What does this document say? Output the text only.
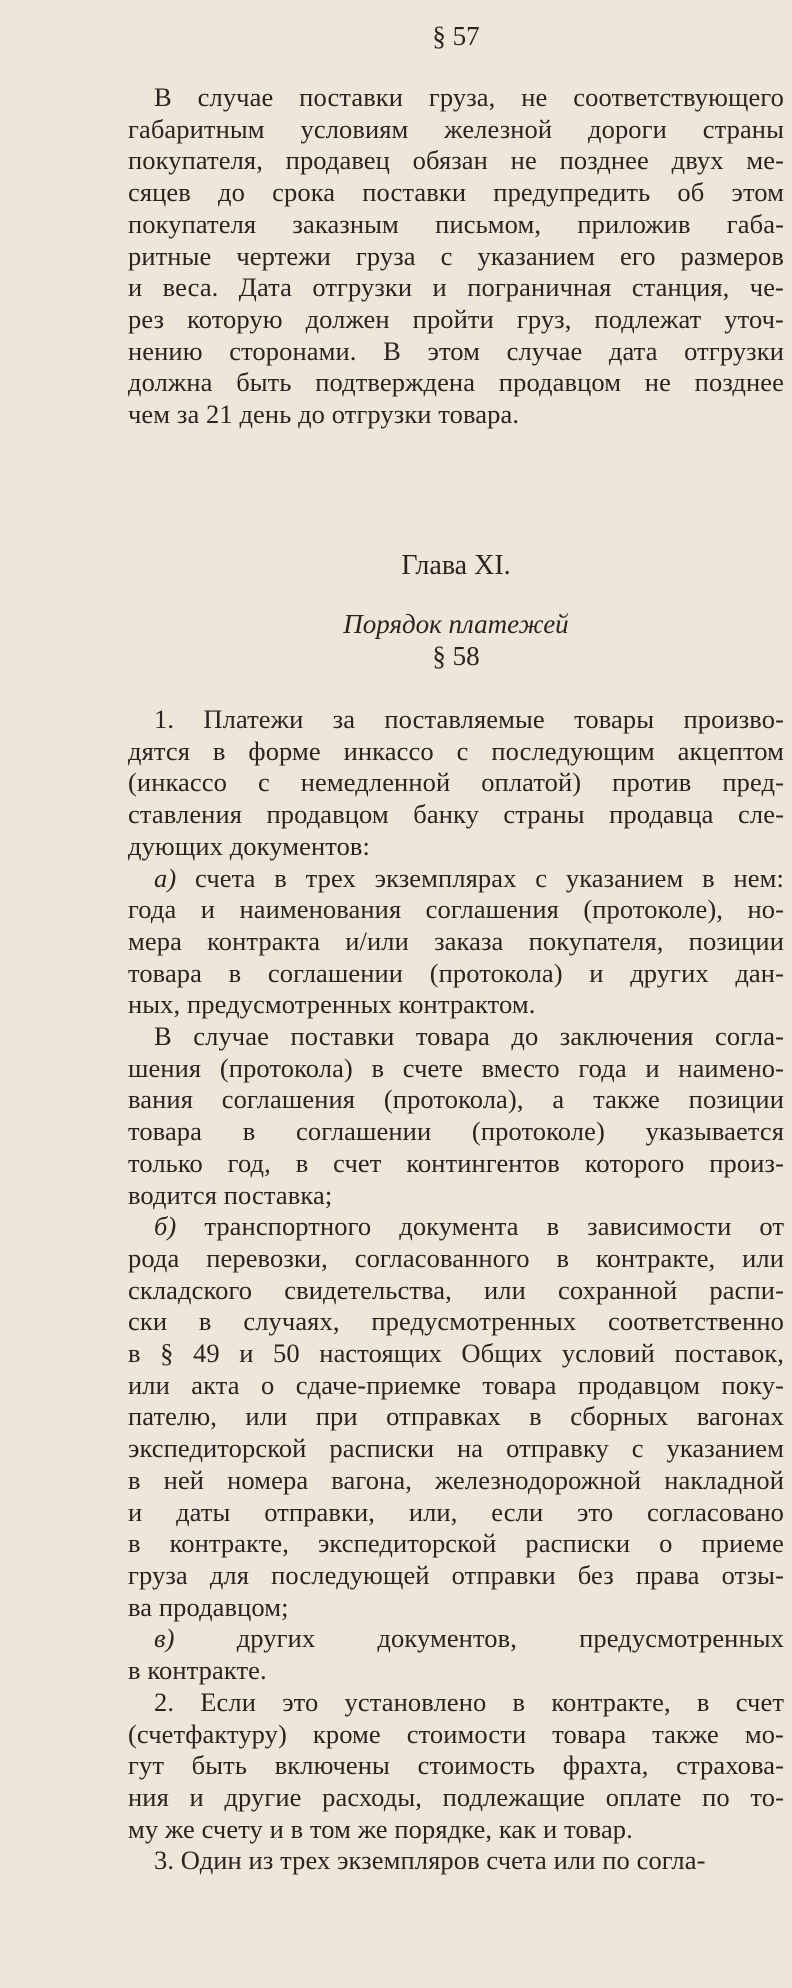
§ 57

В случае поставки груза, не соответствующего
габаритным условиям железной дороги страны
покупателя, продавец обязан не позднее двух ме-
сяцев до срока поставки предупредить об этом
покупателя заказным письмом, приложив габа-
ритные чертежи груза с указанием его размеров
и веса. Дата отгрузки и пограничная станция, че-
рез которую должен пройти груз, подлежат уточ-
нению сторонами. В этом случае дата отгрузки
должна быть подтверждена продавцом не позднее
чем за 21 день до отгрузки товара.

Глава XI.

Порядок платежей

§ 58

1. Платежи за поставляемые товары произво-
дятся в форме инкассо с последующим акцептом
(инкассо с немедленной оплатой) против пред-
ставления продавцом банку страны продавца сле-
дующих документов:
а) счета в трех экземплярах с указанием в нем:
года и наименования соглашения (протоколе), но-
мера контракта и/или заказа покупателя, позиции
товара в соглашении (протокола) и других дан-
ных, предусмотренных контрактом.
В случае поставки товара до заключения согла-
шения (протокола) в счете вместо года и наимено-
вания соглашения (протокола), а также позиции
товара в соглашении (протоколе) указывается
только год, в счет контингентов которого произ-
водится поставка;
б) транспортного документа в зависимости от
рода перевозки, согласованного в контракте, или
складского свидетельства, или сохранной распи-
ски в случаях, предусмотренных соответственно
в § 49 и 50 настоящих Общих условий поставок,
или акта о сдаче-приемке товара продавцом поку-
пателю, или при отправках в сборных вагонах
экспедиторской расписки на отправку с указанием
в ней номера вагона, железнодорожной накладной
и даты отправки, или, если это согласовано
в контракте, экспедиторской расписки о приеме
груза для последующей отправки без права отзы-
ва продавцом;
в) других документов, предусмотренных
в контракте.
2. Если это установлено в контракте, в счет
(счетфактуру) кроме стоимости товара также мо-
гут быть включены стоимость фрахта, страхова-
ния и другие расходы, подлежащие оплате по то-
му же счету и в том же порядке, как и товар.
3. Один из трех экземпляров счета или по согла-
